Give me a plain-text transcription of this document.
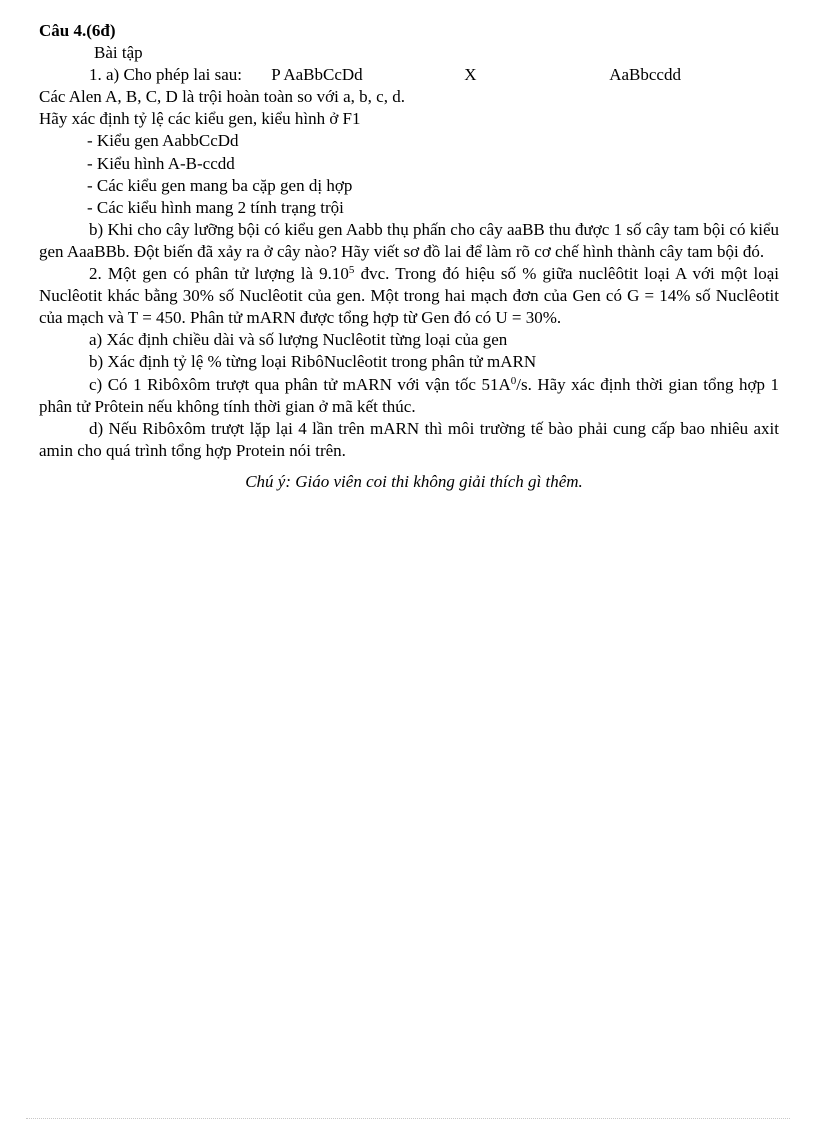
Câu 4.(6đ)
Bài tập
1. a) Cho phép lai sau: P AaBbCcDd	X	AaBbccdd
Các Alen A, B, C, D là trội hoàn toàn so với a, b, c, d.
Hãy xác định tỷ lệ các kiểu gen, kiểu hình ở F1
- Kiểu gen AabbCcDd
- Kiểu hình A-B-ccdd
- Các kiểu gen mang ba cặp gen dị hợp
- Các kiểu hình mang 2 tính trạng trội
b) Khi cho cây lưỡng bội có kiểu gen Aabb thụ phấn cho cây aaBB thu được 1 số cây tam bội có kiểu gen AaaBBb. Đột biến đã xảy ra ở cây nào? Hãy viết sơ đồ lai để làm rõ cơ chế hình thành cây tam bội đó.
2. Một gen có phân tử lượng là 9.10$^5$ đvc. Trong đó hiệu số % giữa nuclêôtit loại A với một loại Nuclêotit khác bằng 30% số Nuclêotit của gen. Một trong hai mạch đơn của Gen có G = 14% số Nuclêotit của mạch và T = 450. Phân tử mARN được tổng hợp từ Gen đó có U = 30%.
a) Xác định chiều dài và số lượng Nuclêotit từng loại của gen
b) Xác định tỷ lệ % từng loại RibôNuclêotit trong phân tử mARN
c) Có 1 Ribôxôm trượt qua phân tử mARN với vận tốc $51A^0/s$. Hãy xác định thời gian tổng hợp 1 phân tử Prôtein nếu không tính thời gian ở mã kết thúc.
d) Nếu Ribôxôm trượt lặp lại 4 lần trên mARN thì môi trường tế bào phải cung cấp bao nhiêu axit amin cho quá trình tổng hợp Protein nói trên.
Chú ý: Giáo viên coi thi không giải thích gì thêm.
